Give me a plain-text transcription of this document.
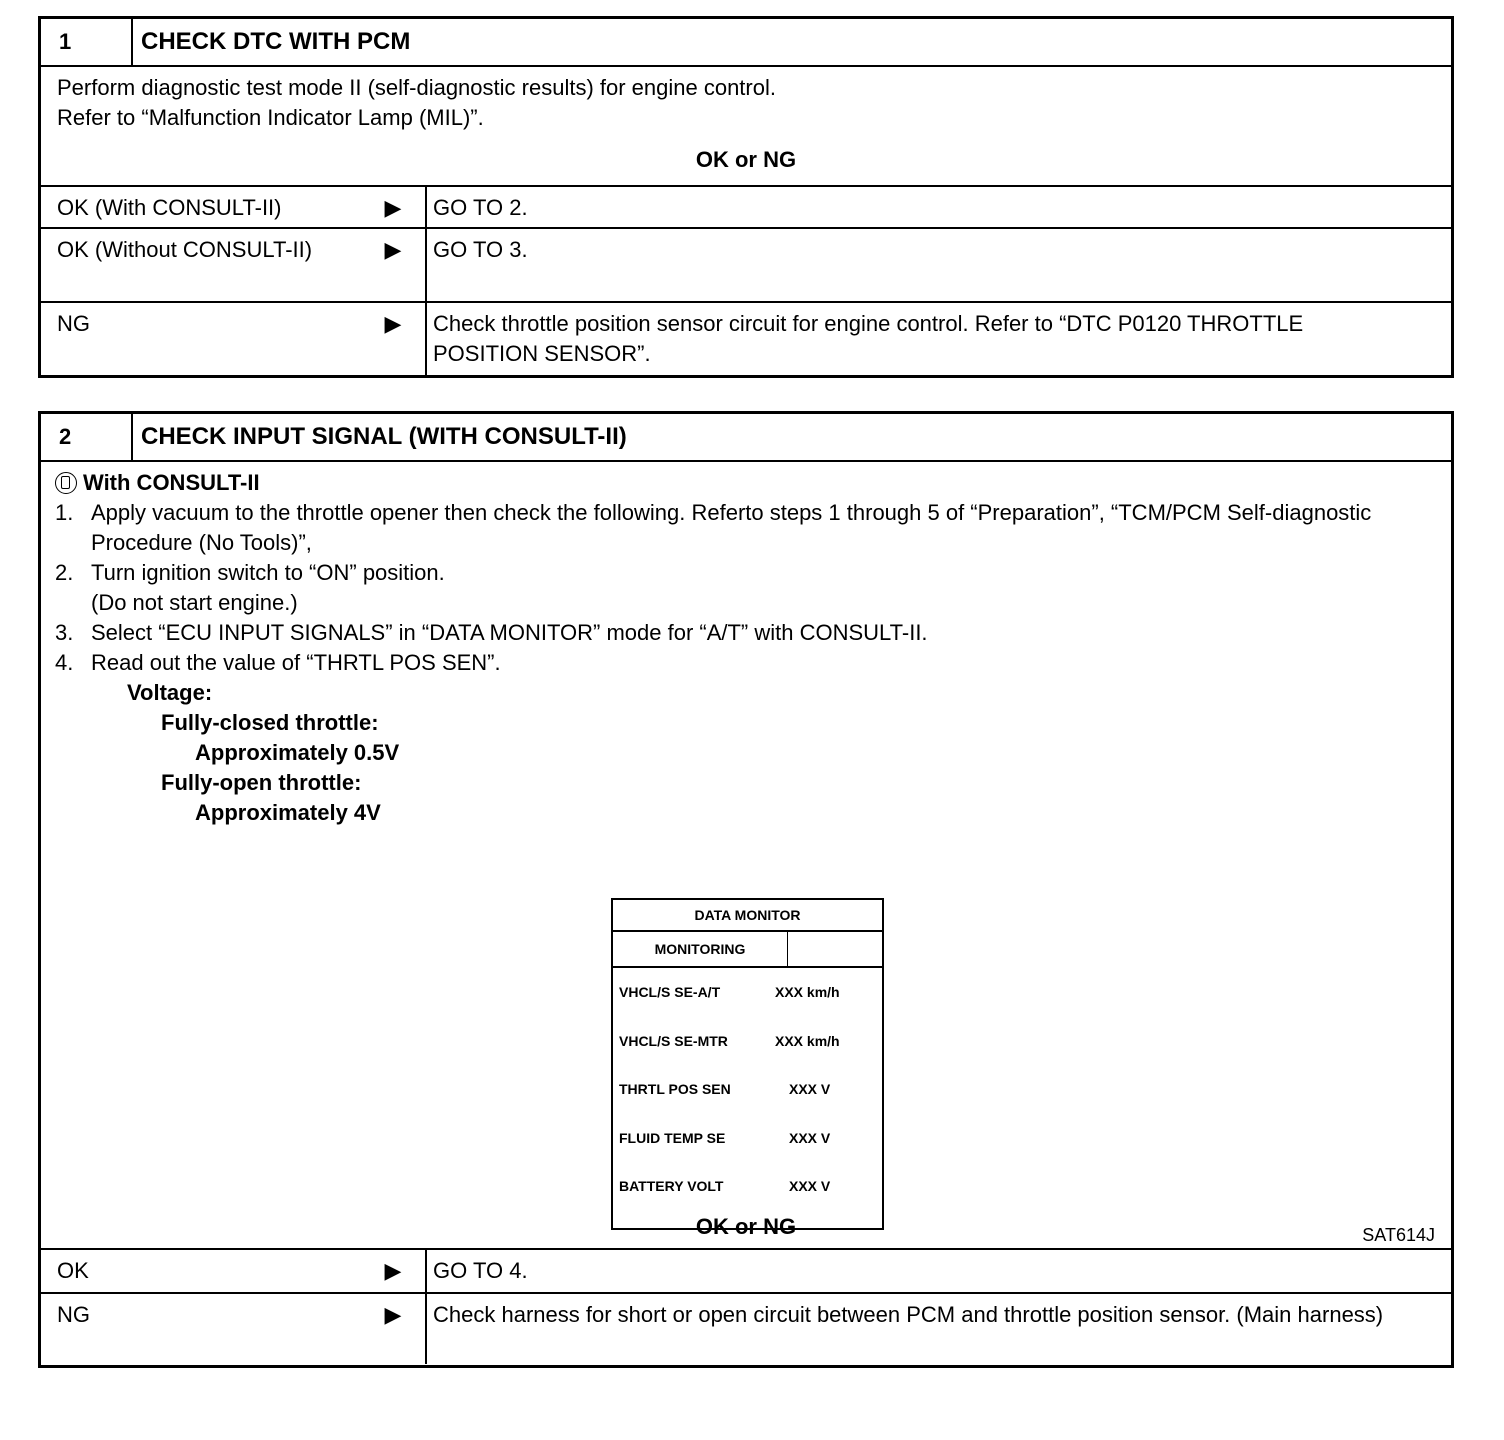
1	CHECK DTC WITH PCM
Perform diagnostic test mode II (self-diagnostic results) for engine control.
Refer to “Malfunction Indicator Lamp (MIL)”.
OK or NG
OK (With CONSULT-II)	▶	GO TO 2.
OK (Without CONSULT-II)	▶	GO TO 3.
NG	▶	Check throttle position sensor circuit for engine control. Refer to “DTC P0120 THROTTLE POSITION SENSOR”.
2	CHECK INPUT SIGNAL (WITH CONSULT-II)
With CONSULT-II
1. Apply vacuum to the throttle opener then check the following. Referto steps 1 through 5 of “Preparation”, “TCM/PCM Self-diagnostic Procedure (No Tools)”,
2. Turn ignition switch to “ON” position.
(Do not start engine.)
3. Select “ECU INPUT SIGNALS” in “DATA MONITOR” mode for “A/T” with CONSULT-II.
4. Read out the value of “THRTL POS SEN”.
Voltage:
Fully-closed throttle:
Approximately 0.5V
Fully-open throttle:
Approximately 4V
DATA MONITOR
MONITORING
VHCL/S SE-A/T	XXX km/h
VHCL/S SE-MTR	XXX km/h
THRTL POS SEN	XXX V
FLUID TEMP SE	XXX V
BATTERY VOLT	XXX V
SAT614J
OK or NG
OK	▶	GO TO 4.
NG	▶	Check harness for short or open circuit between PCM and throttle position sensor. (Main harness)
